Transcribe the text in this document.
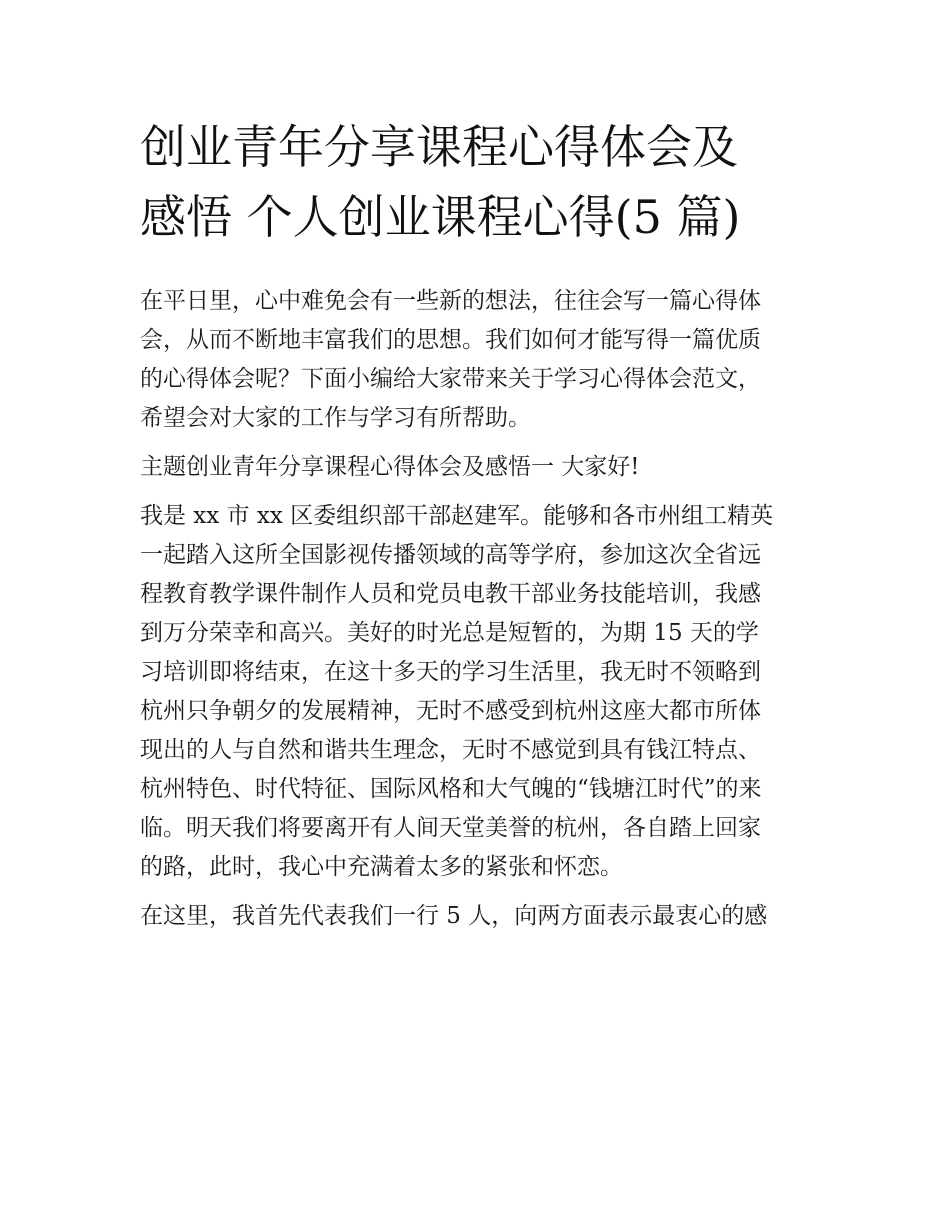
创业青年分享课程心得体会及
感悟 个人创业课程心得(5 篇)
在平日里，心中难免会有一些新的想法，往往会写一篇心得体
会，从而不断地丰富我们的思想。我们如何才能写得一篇优质
的心得体会呢？下面小编给大家带来关于学习心得体会范文，
希望会对大家的工作与学习有所帮助。
主题创业青年分享课程心得体会及感悟一 大家好!
我是 xx 市 xx 区委组织部干部赵建军。能够和各市州组工精英
一起踏入这所全国影视传播领域的高等学府，参加这次全省远
程教育教学课件制作人员和党员电教干部业务技能培训，我感
到万分荣幸和高兴。美好的时光总是短暂的，为期 15 天的学
习培训即将结束，在这十多天的学习生活里，我无时不领略到
杭州只争朝夕的发展精神，无时不感受到杭州这座大都市所体
现出的人与自然和谐共生理念，无时不感觉到具有钱江特点、
杭州特色、时代特征、国际风格和大气魄的“钱塘江时代”的来
临。明天我们将要离开有人间天堂美誉的杭州，各自踏上回家
的路，此时，我心中充满着太多的紧张和怀恋。
在这里，我首先代表我们一行 5 人，向两方面表示最衷心的感
